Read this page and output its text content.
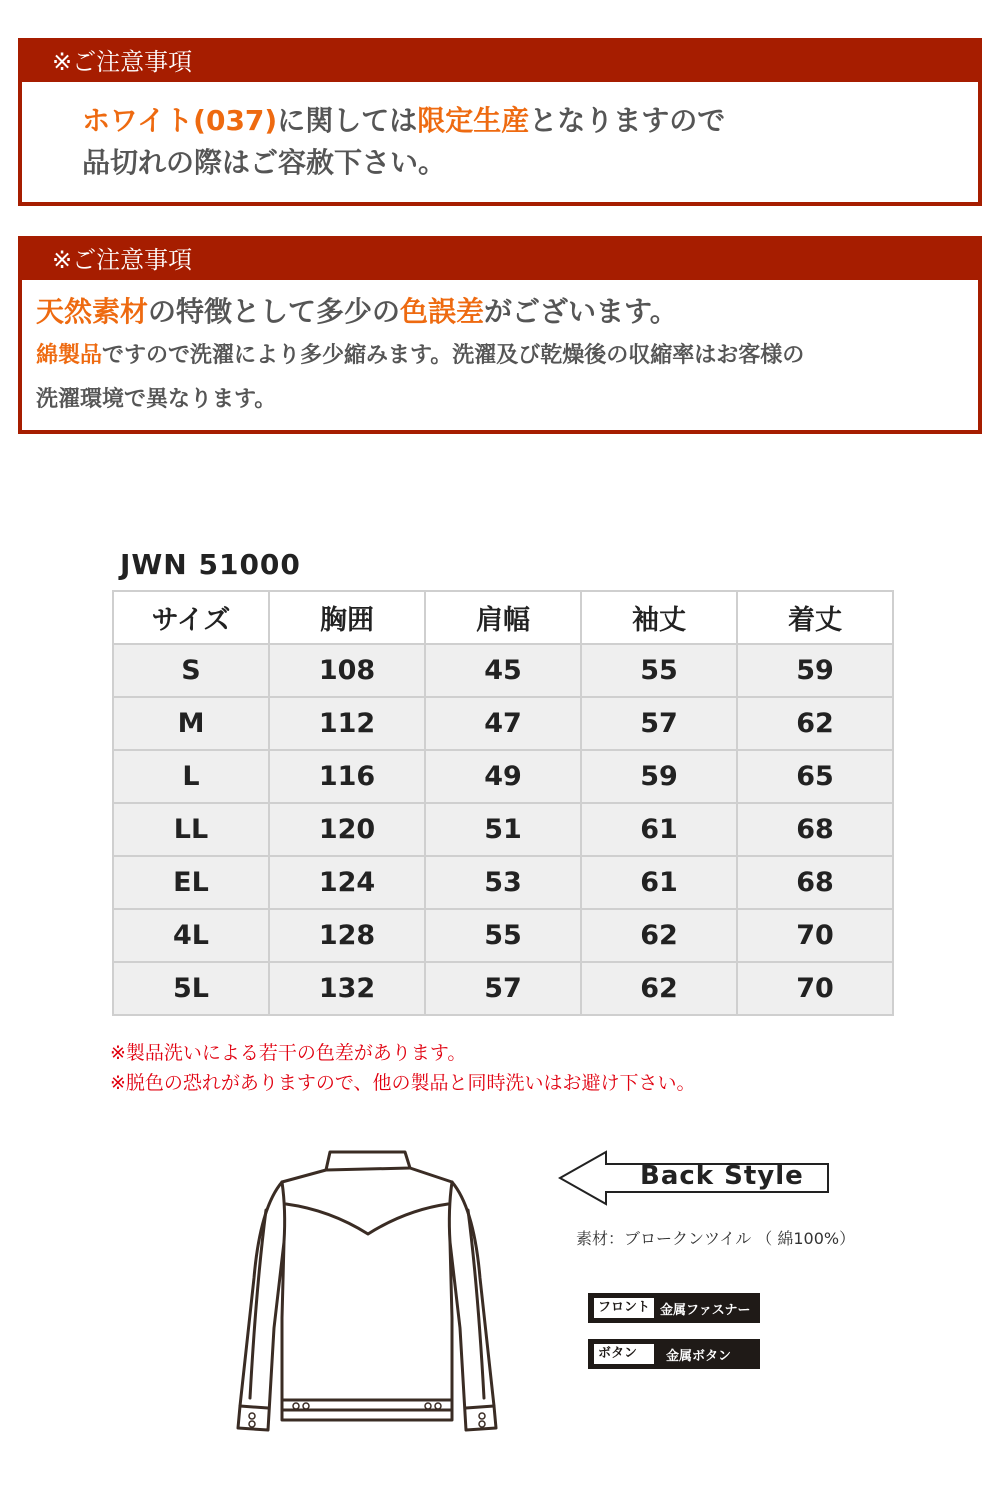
※ご注意事項
ホワイト(037)に関しては限定生産となりますので
品切れの際はご容赦下さい。
※ご注意事項
天然素材の特徴として多少の色誤差がございます。
綿製品ですので洗濯により多少縮みます。洗濯及び乾燥後の収縮率はお客様の
洗濯環境で異なります。
JWN 51000
サイズ	胸囲	肩幅	袖丈	着丈
S	108	45	55	59
M	112	47	57	62
L	116	49	59	65
LL	120	51	61	68
EL	124	53	61	68
4L	128	55	62	70
5L	132	57	62	70
※製品洗いによる若干の色差があります。
※脱色の恐れがありますので、他の製品と同時洗いはお避け下さい。
Back Style
素材：ブロークンツイル （ 綿100%）
フロント 金属ファスナー
ボタン	金属ボタン
